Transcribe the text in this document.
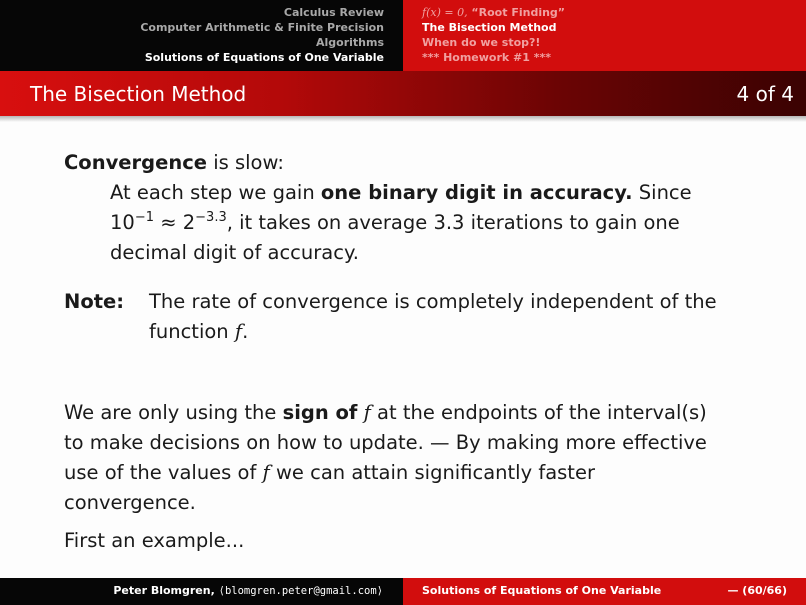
Calculus Review
Computer Arithmetic & Finite Precision
Algorithms
Solutions of Equations of One Variable
f(x) = 0, “Root Finding”
The Bisection Method
When do we stop?!
*** Homework #1 ***
The Bisection Method	4 of 4
Convergence is slow:
At each step we gain one binary digit in accuracy. Since
$10^{-1} \approx 2^{-3.3}$, it takes on average 3.3 iterations to gain one
decimal digit of accuracy.
Note: The rate of convergence is completely independent of the
function f.
We are only using the sign of f at the endpoints of the interval(s)
to make decisions on how to update. — By making more effective
use of the values of f we can attain significantly faster
convergence.
First an example...
Peter Blomgren, ⟨blomgren.peter@gmail.com⟩	Solutions of Equations of One Variable	— (60/66)
